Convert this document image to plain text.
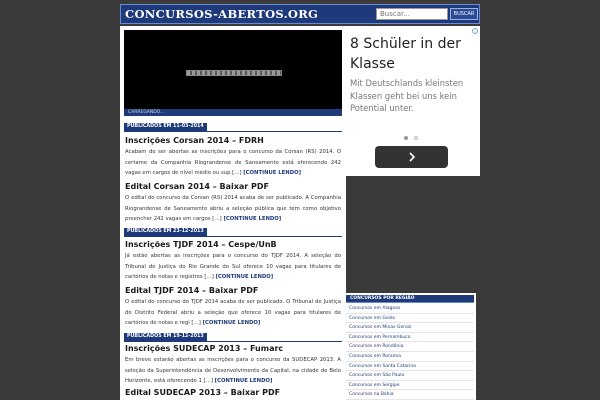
CONCURSOS-ABERTOS.ORG
Buscar...	BUSCAR
CARREGANDO...
PUBLICADOS EM 11-03-2014
Inscrições Corsan 2014 – FDRH
Acabam de ser abertas as inscrições para o concurso da Corsan (RS) 2014. O certame da Companhia Riograndense de Saneamento está oferecendo 242 vagas em cargos de nível médio ou sup […] [CONTINUE LENDO]
Edital Corsan 2014 – Baixar PDF
O edital do concurso da Corsan (RS) 2014 acaba de ser publicado. A Companhia Riograndense de Saneamento abriu a seleção pública que tem como objetivo preencher 242 vagas em cargos […] [CONTINUE LENDO]
PUBLICADOS EM 23-12-2013
Inscrições TJDF 2014 – Cespe/UnB
Já estão abertas as inscrições para o concurso do TJDF 2014. A seleção do Tribunal de Justiça do Rio Grande do Sul oferece 10 vagas para titulares de cartórios de notas e registros […] [CONTINUE LENDO]
Edital TJDF 2014 – Baixar PDF
O edital do concurso do TJDF 2014 acaba de ser publicado. O Tribunal de Justiça do Distrito Federal abriu a seleção que oferece 10 vagas para titulares de cartórios de notas e regi […] [CONTINUE LENDO]
PUBLICADOS EM 19-12-2013
Inscrições SUDECAP 2013 – Fumarc
Em breve estarão abertas as inscrições para o concurso da SUDECAP 2013. A seleção da Superintendência de Desenvolvimento da Capital, na cidade de Belo Horizonte, está oferecendo 1 […] [CONTINUE LENDO]
Edital SUDECAP 2013 – Baixar PDF
i
8 Schüler in der Klasse
Mit Deutschlands kleinsten Klassen geht bei uns kein Potential unter.
CONCURSOS POR REGIÃO
Concursos em Alagoas
Concursos em Goiás
Concursos em Minas Gerais
Concursos em Pernambuco
Concursos em Rondônia
Concursos em Roraima
Concursos em Santa Catarina
Concursos em São Paulo
Concursos em Sergipe
Concursos na Bahia
